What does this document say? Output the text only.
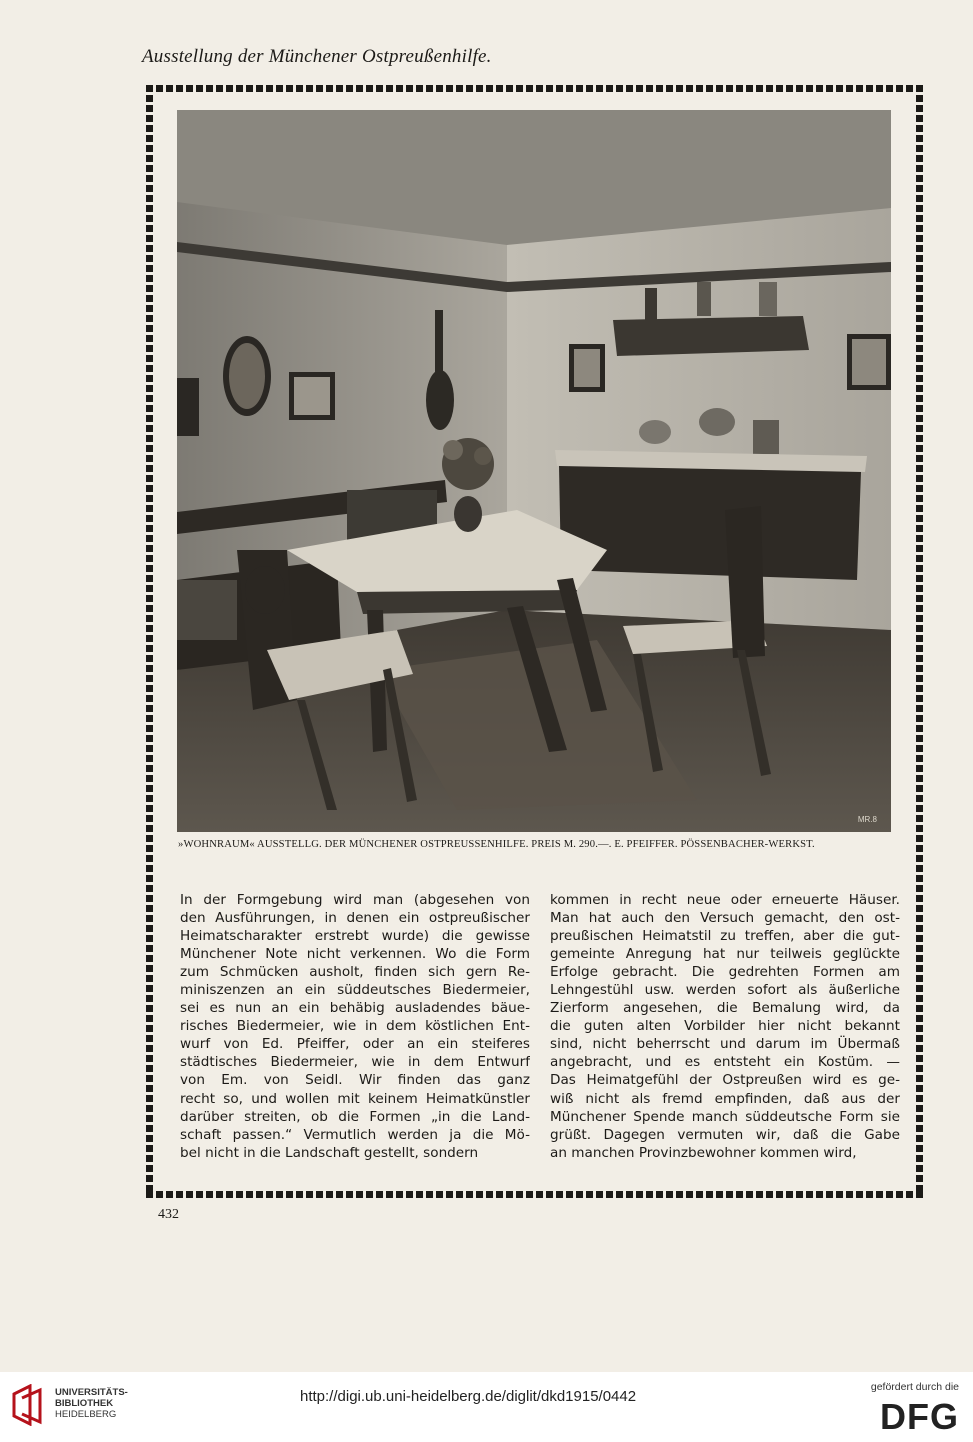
Ausstellung der Münchener Ostpreußenhilfe.
MR.8
»WOHNRAUM« AUSSTELLG. DER MÜNCHENER OSTPREUSSENHILFE. PREIS M. 290.—. E. PFEIFFER. PÖSSENBACHER-WERKST.
In der Formgebung wird man (abgesehen von
den Ausführungen, in denen ein ostpreußischer
Heimatscharakter erstrebt wurde) die gewisse
Münchener Note nicht verkennen. Wo die Form
zum Schmücken ausholt, finden sich gern Re-
miniszenzen an ein süddeutsches Biedermeier,
sei es nun an ein behäbig ausladendes bäue-
risches Biedermeier, wie in dem köstlichen Ent-
wurf von Ed. Pfeiffer, oder an ein steiferes
städtisches Biedermeier, wie in dem Entwurf
von Em. von Seidl. Wir finden das ganz
recht so, und wollen mit keinem Heimatkünstler
darüber streiten, ob die Formen „in die Land-
schaft passen.“ Vermutlich werden ja die Mö-
bel nicht in die Landschaft gestellt, sondern
kommen in recht neue oder erneuerte Häuser.
Man hat auch den Versuch gemacht, den ost-
preußischen Heimatstil zu treffen, aber die gut-
gemeinte Anregung hat nur teilweis geglückte
Erfolge gebracht. Die gedrehten Formen am
Lehngestühl usw. werden sofort als äußerliche
Zierform angesehen, die Bemalung wird, da
die guten alten Vorbilder hier nicht bekannt
sind, nicht beherrscht und darum im Übermaß
angebracht, und es entsteht ein Kostüm. —
Das Heimatgefühl der Ostpreußen wird es ge-
wiß nicht als fremd empfinden, daß aus der
Münchener Spende manch süddeutsche Form sie
grüßt. Dagegen vermuten wir, daß die Gabe
an manchen Provinzbewohner kommen wird,
432
UNIVERSITÄTS-
BIBLIOTHEK
HEIDELBERG
http://digi.ub.uni-heidelberg.de/diglit/dkd1915/0442
gefördert durch die
DFG
